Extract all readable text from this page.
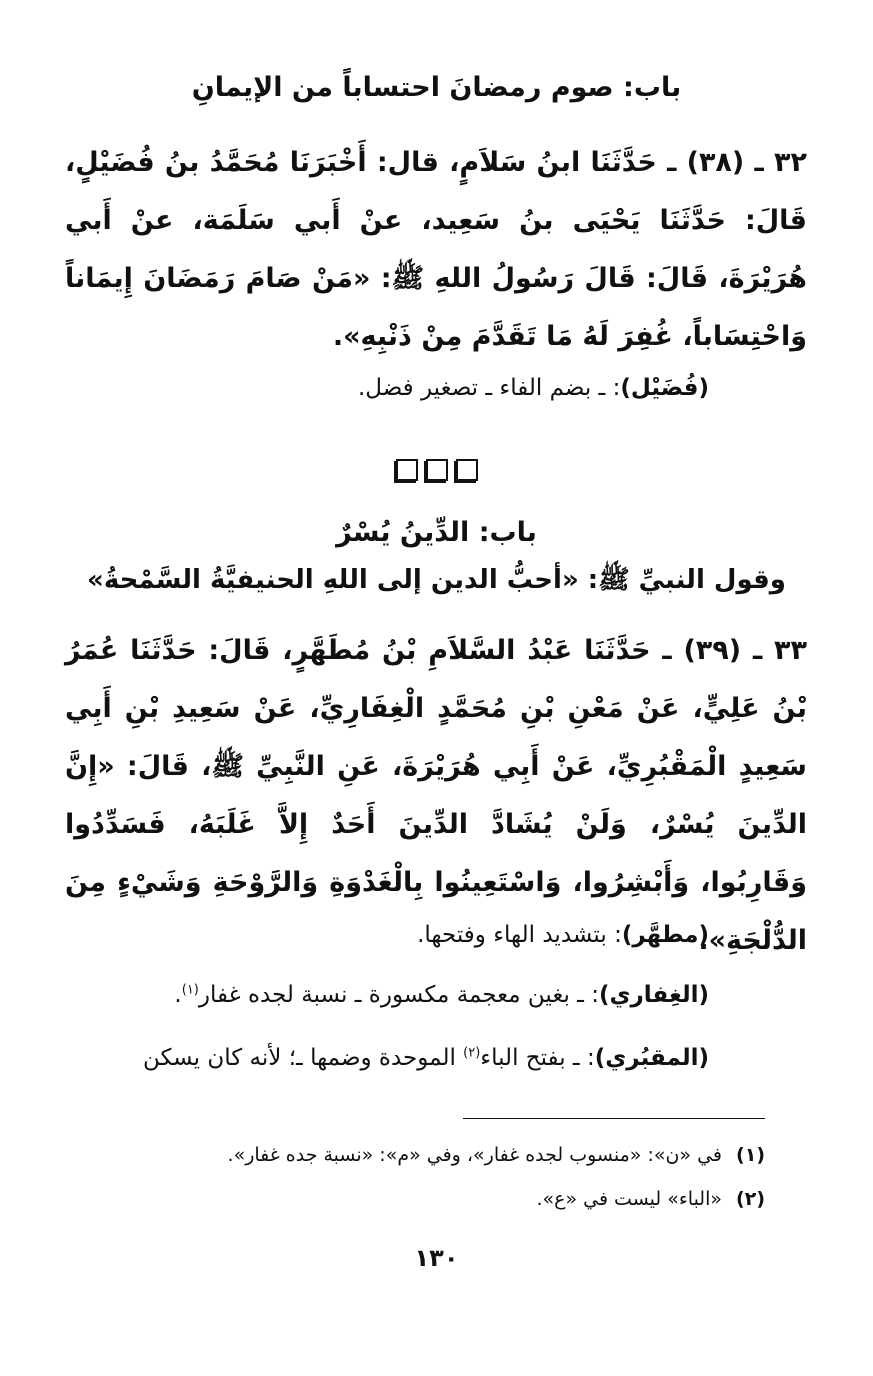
باب: صوم رمضانَ احتساباً من الإيمانِ
٣٢ ـ (٣٨) ـ حَدَّثَنَا ابنُ سَلاَمٍ، قال: أَخْبَرَنَا مُحَمَّدُ بنُ فُضَيْلٍ، قَالَ: حَدَّثَنَا يَحْيَى بنُ سَعِيد، عنْ أَبي سَلَمَة، عنْ أَبي هُرَيْرَةَ، قَالَ: قَالَ رَسُولُ اللهِ ﷺ: «مَنْ صَامَ رَمَضَانَ إِيمَاناً وَاحْتِسَاباً، غُفِرَ لَهُ مَا تَقَدَّمَ مِنْ ذَنْبِهِ».
(فُضَيْل): ـ بضم الفاء ـ تصغير فضل.
باب: الدِّينُ يُسْرٌ
وقول النبيِّ ﷺ: «أحبُّ الدين إلى اللهِ الحنيفيَّةُ السَّمْحةُ»
٣٣ ـ (٣٩) ـ حَدَّثَنَا عَبْدُ السَّلاَمِ بْنُ مُطَهَّرٍ، قَالَ: حَدَّثَنَا عُمَرُ بْنُ عَلِيٍّ، عَنْ مَعْنِ بْنِ مُحَمَّدٍ الْغِفَارِيِّ، عَنْ سَعِيدِ بْنِ أَبِي سَعِيدٍ الْمَقْبُرِيِّ، عَنْ أَبِي هُرَيْرَةَ، عَنِ النَّبِيِّ ﷺ، قَالَ: «إِنَّ الدِّينَ يُسْرٌ، وَلَنْ يُشَادَّ الدِّينَ أَحَدٌ إِلاَّ غَلَبَهُ، فَسَدِّدُوا وَقَارِبُوا، وَأَبْشِرُوا، وَاسْتَعِينُوا بِالْغَدْوَةِ وَالرَّوْحَةِ وَشَيْءٍ مِنَ الدُّلْجَةِ».
(مطهَّر): بتشديد الهاء وفتحها.
(الغِفاري): ـ بغين معجمة مكسورة ـ نسبة لجده غفار$^{(١)}$.
(المقبُري): ـ بفتح الباء$^{(٢)}$ الموحدة وضمها ـ؛ لأنه كان يسكن
(١)في «ن»: «منسوب لجده غفار»، وفي «م»: «نسبة جده غفار».
(٢)«الباء» ليست في «ع».
١٣٠
